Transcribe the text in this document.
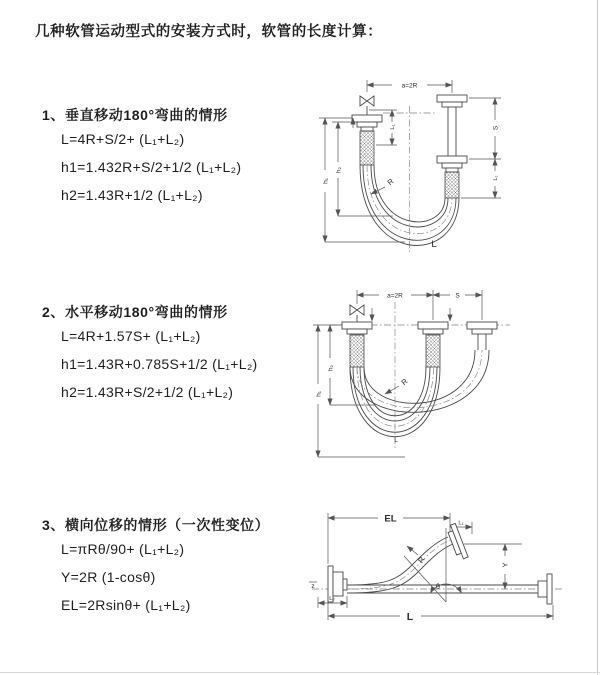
几种软管运动型式的安装方式时，软管的长度计算：
1、垂直移动180°弯曲的情形
L=4R+S/2+ (L₁+L₂)
h1=1.432R+S/2+1/2 (L₁+L₂)
h2=1.43R+1/2 (L₁+L₂)
2、水平移动180°弯曲的情形
L=4R+1.57S+ (L₁+L₂)
h1=1.43R+0.785S+1/2 (L₁+L₂)
h2=1.43R+S/2+1/2 (L₁+L₂)
3、横向位移的情形（一次性变位）
L=πRθ/90+ (L₁+L₂)
Y=2R (1-cosθ)
EL=2Rsinθ+ (L₁+L₂)
a=2R
h₁
h₂
L₁	S
L₁
R
L
a=2R	S
h₁
h₂
R
L
z
EL	L₁
θ
R
Y
L₂
L
